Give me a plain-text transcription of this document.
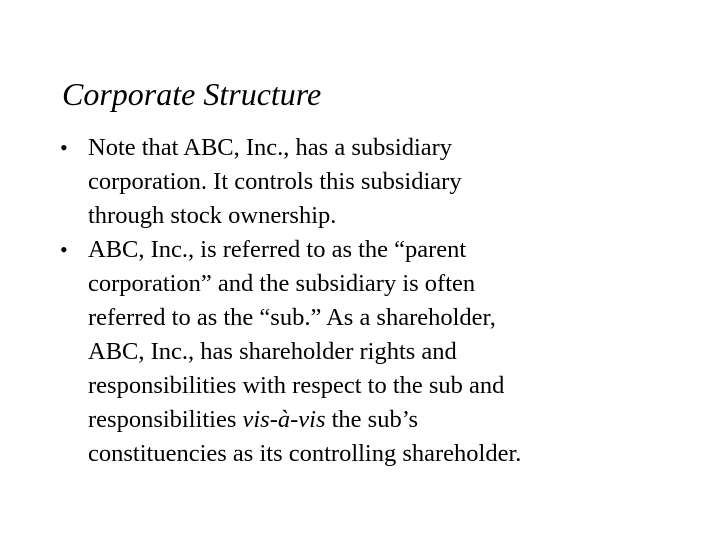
Corporate Structure
• Note that ABC, Inc., has a subsidiary
corporation. It controls this subsidiary
through stock ownership.
• ABC, Inc., is referred to as the “parent
corporation” and the subsidiary is often
referred to as the “sub.” As a shareholder,
ABC, Inc., has shareholder rights and
responsibilities with respect to the sub and
responsibilities vis-à-vis the sub’s
constituencies as its controlling shareholder.
